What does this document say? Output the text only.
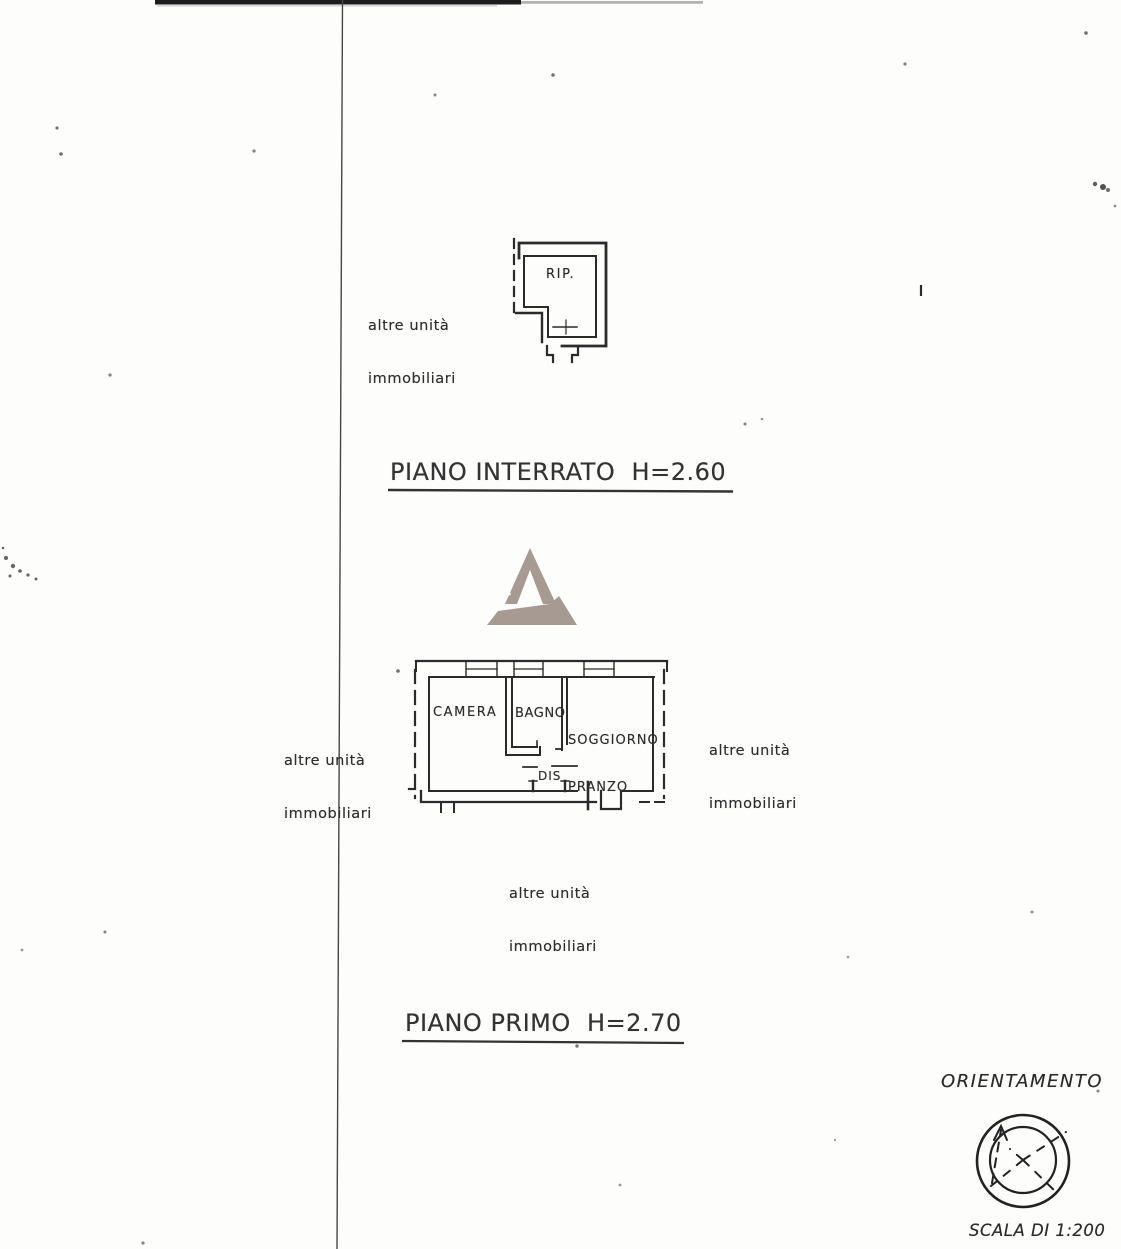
altre unità

immobiliari

RIP.
PIANO INTERRATO  H=2.60
CAMERA BAGNO

SOGGIORNO

PRANZO

DIS

altre unità

immobiliari

altre unità

immobiliari

altre unità

immobiliari

PIANO PRIMO  H=2.70
ORIENTAMENTO
SCALA DI 1:200
